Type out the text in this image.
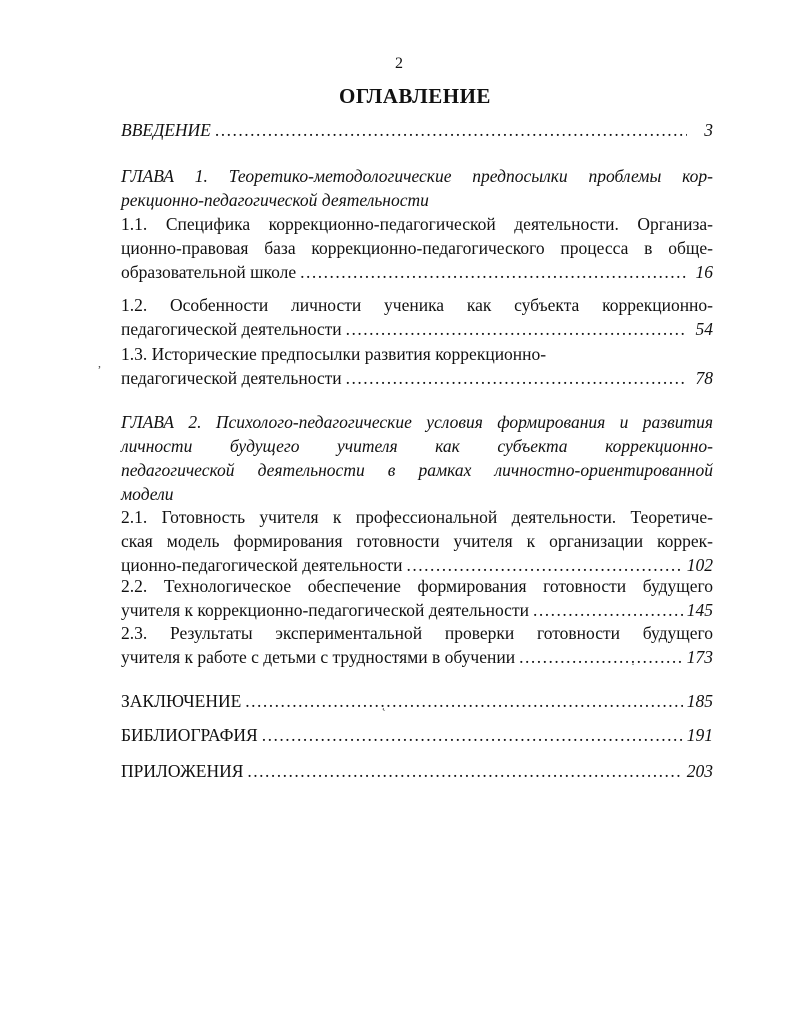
2
ОГЛАВЛЕНИЕ
ВВЕДЕНИЕ .....	3
ГЛАВА 1. Теоретико-методологические предпосылки проблемы кор-
рекционно-педагогической деятельности
1.1. Специфика коррекционно-педагогической деятельности. Организа-
ционно-правовая база коррекционно-педагогического процесса в обще-
образовательной школе .....	16
1.2. Особенности личности ученика как субъекта коррекционно-
педагогической деятельности .....	54
1.3. Исторические предпосылки развития коррекционно-
педагогической деятельности .....	78
ГЛАВА 2. Психолого-педагогические условия формирования и развития
личности будущего учителя как субъекта коррекционно-
педагогической деятельности в рамках личностно-ориентированной
модели
2.1. Готовность учителя к профессиональной деятельности. Теоретиче-
ская модель формирования готовности учителя к организации коррек-
ционно-педагогической деятельности .....	102
2.2. Технологическое обеспечение формирования готовности будущего
учителя к коррекционно-педагогической деятельности .....	145
2.3. Результаты экспериментальной проверки готовности будущего
учителя к работе с детьми с трудностями в обучении .....	173
ЗАКЛЮЧЕНИЕ .....	185
БИБЛИОГРАФИЯ .....	191
ПРИЛОЖЕНИЯ .....	203
,
˛
·
